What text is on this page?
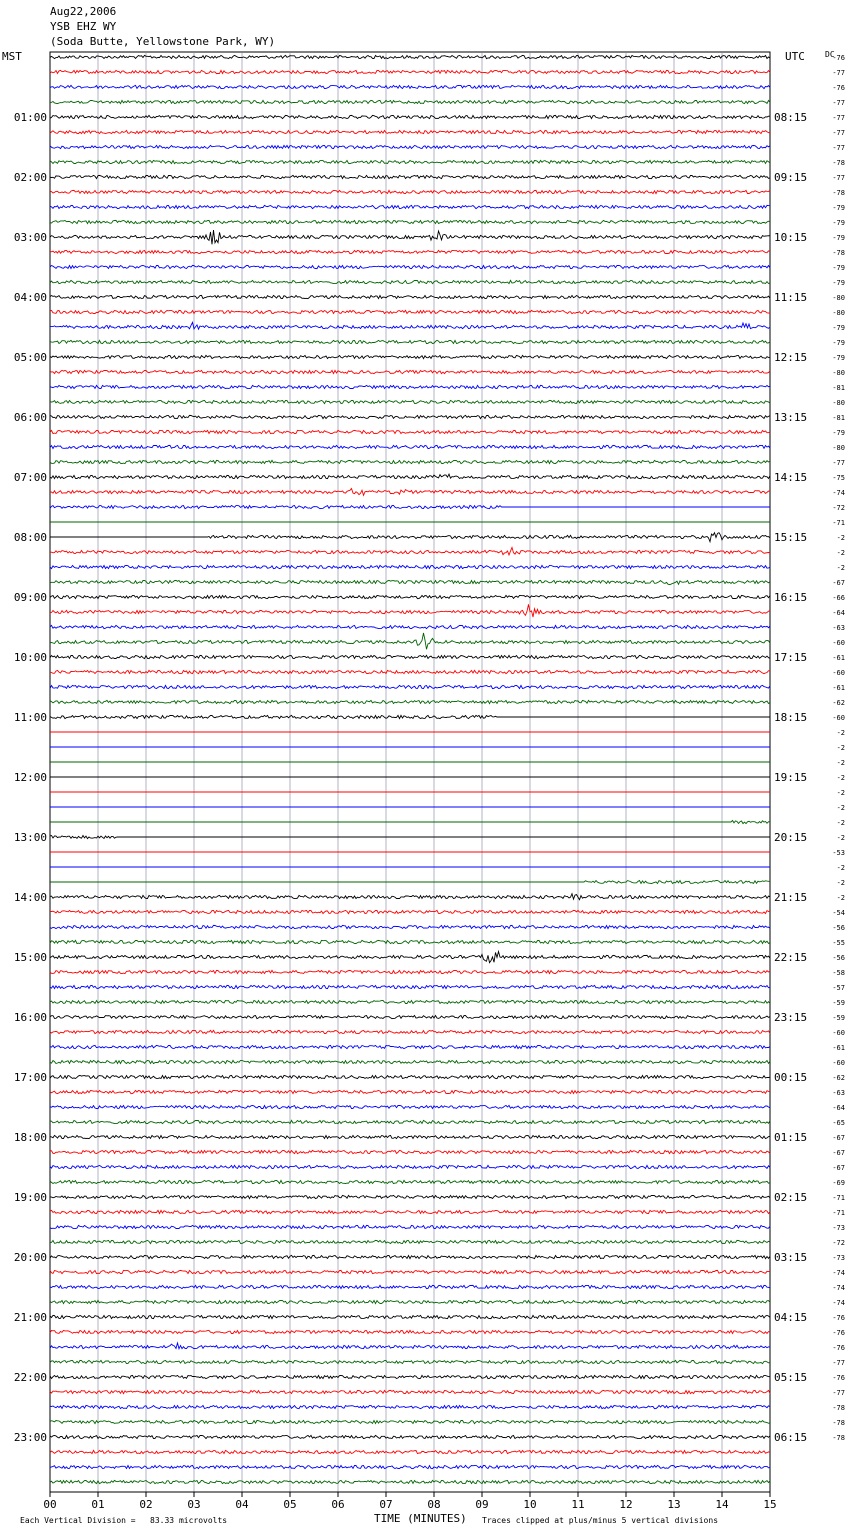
Aug22,2006
YSB EHZ WY
(Soda Butte, Yellowstone Park, WY)
MST	UTC	DC
01:00
02:00
03:00
04:00
05:00
06:00
07:00
08:00
09:00
10:00
11:00
12:00
13:00
14:00
15:00
16:00
17:00
18:00
19:00
20:00
21:00
22:00
23:00
08:15
09:15
10:15
11:15
12:15
13:15
14:15
15:15
16:15
17:15
18:15
19:15
20:15
21:15
22:15
23:15
00:15
01:15
02:15
03:15
04:15
05:15
06:15
-76
-77
-76
-77
-77
-77
-77
-78
-77
-78
-79
-79
-79
-78
-79
-79
-80
-80
-79
-79
-79
-80
-81
-80
-81
-79
-80
-77
-75
-74
-72
-71
-2
-2
-2
-67
-66
-64
-63
-60
-61
-60
-61
-62
-60
-2
-2
-2
-2
-2
-2
-2
-2
-53
-2
-2
-2
-54
-56
-55
-56
-58
-57
-59
-59
-60
-61
-60
-62
-63
-64
-65
-67
-67
-67
-69
-71
-71
-73
-72
-73
-74
-74
-74
-76
-76
-76
-77
-76
-77
-78
-78
-78
00	01	02	03	04	05	06	07	08	09	10	11	12	13	14	15
Each Vertical Division =   83.33 microvolts	TIME (MINUTES) Traces clipped at plus/minus 5 vertical divisions
